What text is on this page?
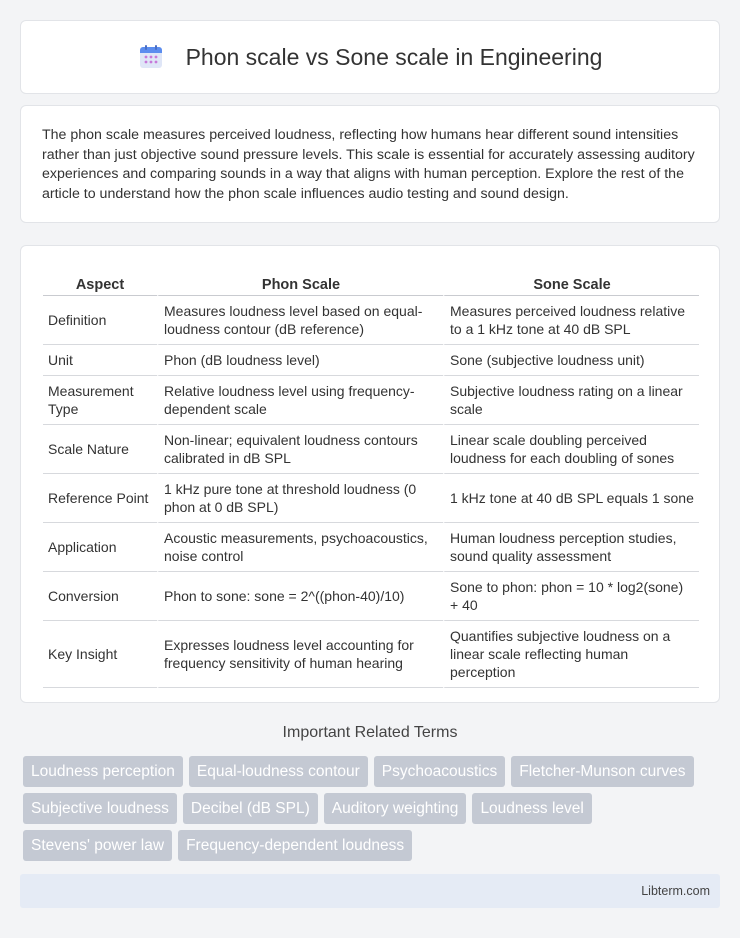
Phon scale vs Sone scale in Engineering

The phon scale measures perceived loudness, reflecting how humans hear different sound intensities rather than just objective sound pressure levels. This scale is essential for accurately assessing auditory experiences and comparing sounds in a way that aligns with human perception. Explore the rest of the article to understand how the phon scale influences audio testing and sound design.

Aspect	Phon Scale	Sone Scale
Definition	Measures loudness level based on equal-loudness contour (dB reference)	Measures perceived loudness relative to a 1 kHz tone at 40 dB SPL
Unit	Phon (dB loudness level)	Sone (subjective loudness unit)
Measurement Type	Relative loudness level using frequency-dependent scale	Subjective loudness rating on a linear scale
Scale Nature	Non-linear; equivalent loudness contours calibrated in dB SPL	Linear scale doubling perceived loudness for each doubling of sones
Reference Point	1 kHz pure tone at threshold loudness (0 phon at 0 dB SPL)	1 kHz tone at 40 dB SPL equals 1 sone
Application	Acoustic measurements, psychoacoustics, noise control	Human loudness perception studies, sound quality assessment
Conversion	Phon to sone: sone = 2^((phon-40)/10)	Sone to phon: phon = 10 * log2(sone) + 40
Key Insight	Expresses loudness level accounting for frequency sensitivity of human hearing	Quantifies subjective loudness on a linear scale reflecting human perception
Important Related Terms
Loudness perception	Equal-loudness contour	Psychoacoustics	Fletcher-Munson curves
Subjective loudness	Decibel (dB SPL)	Auditory weighting	Loudness level
Stevens' power law	Frequency-dependent loudness
Libterm.com
